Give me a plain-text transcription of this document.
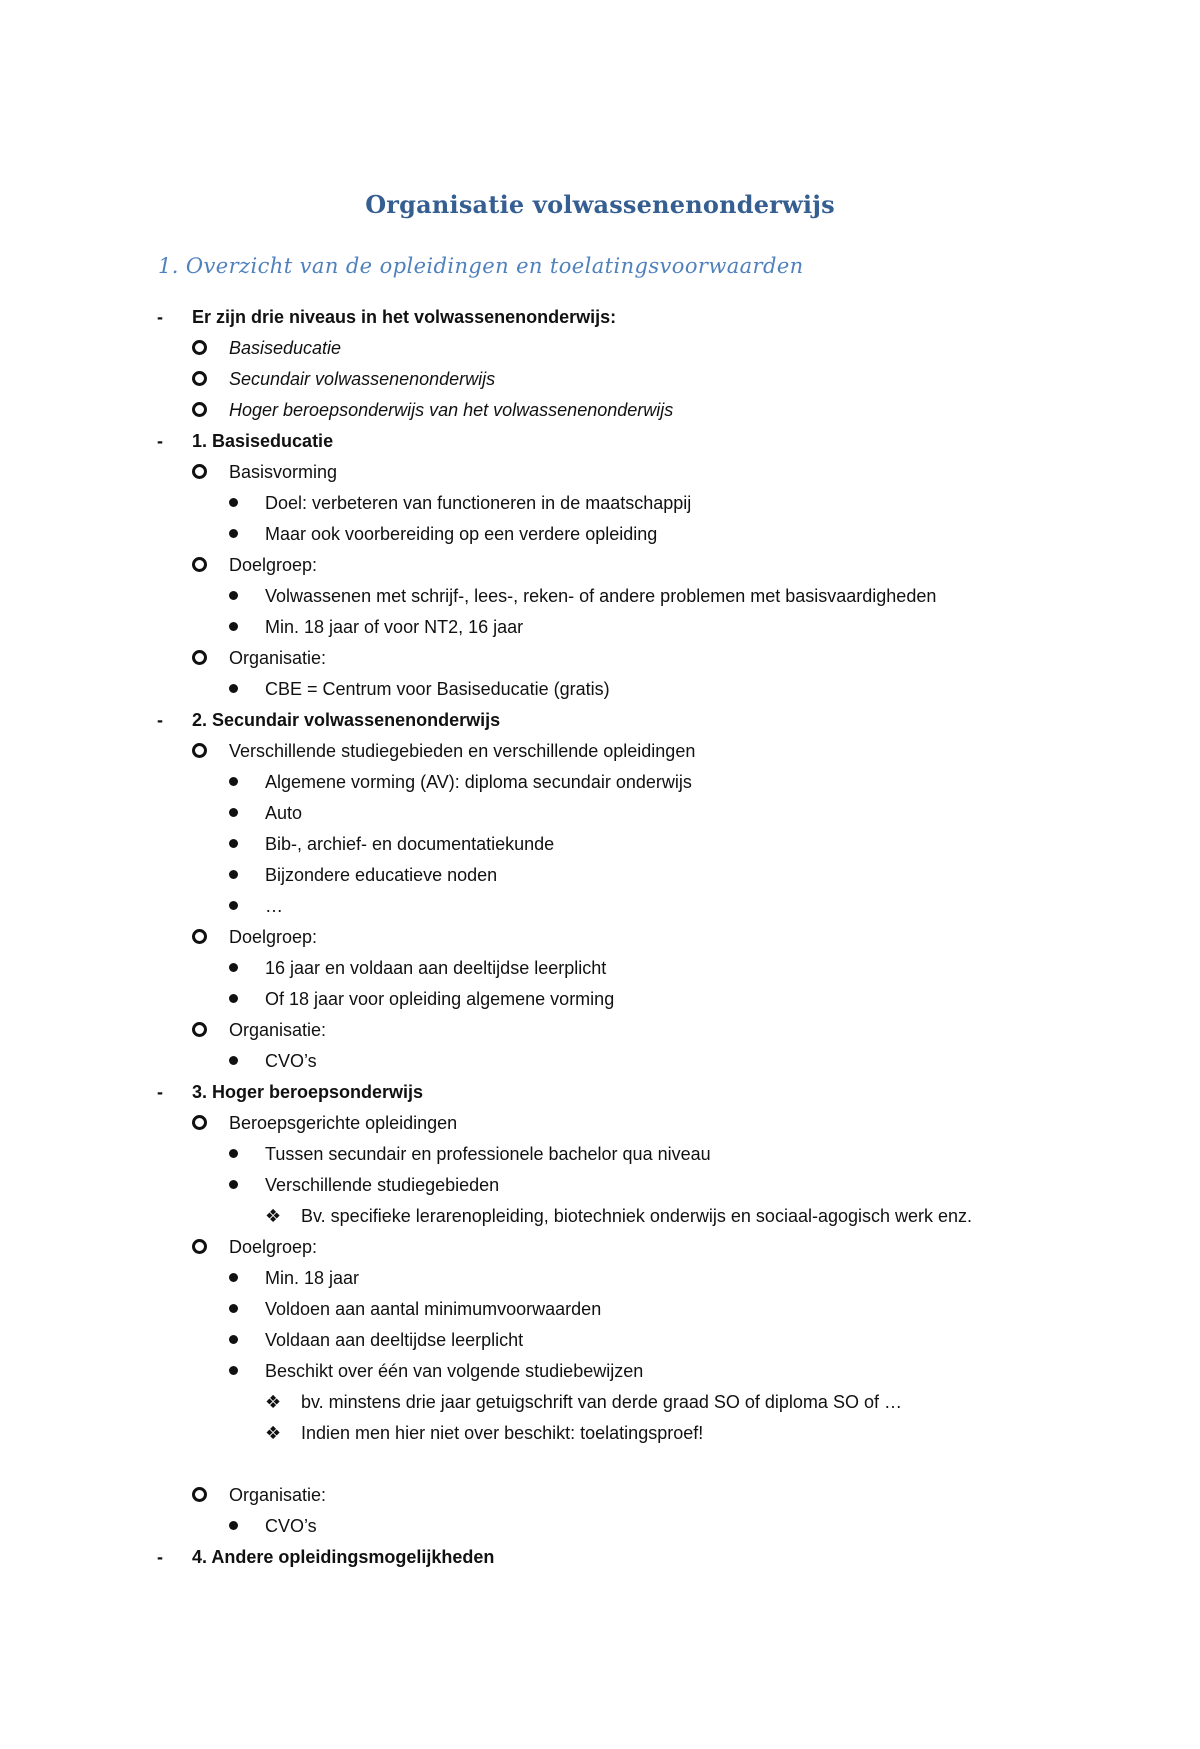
Organisatie volwassenenonderwijs
1. Overzicht van de opleidingen en toelatingsvoorwaarden
- Er zijn drie niveaus in het volwassenenonderwijs:
Basiseducatie
Secundair volwassenenonderwijs
Hoger beroepsonderwijs van het volwassenenonderwijs
- 1. Basiseducatie
Basisvorming
Doel: verbeteren van functioneren in de maatschappij
Maar ook voorbereiding op een verdere opleiding
Doelgroep:
Volwassenen met schrijf-, lees-, reken- of andere problemen met basisvaardigheden
Min. 18 jaar of voor NT2, 16 jaar
Organisatie:
CBE = Centrum voor Basiseducatie (gratis)
- 2. Secundair volwassenenonderwijs
Verschillende studiegebieden en verschillende opleidingen
Algemene vorming (AV): diploma secundair onderwijs
Auto
Bib-, archief- en documentatiekunde
Bijzondere educatieve noden
…
Doelgroep:
16 jaar en voldaan aan deeltijdse leerplicht
Of 18 jaar voor opleiding algemene vorming
Organisatie:
CVO’s
- 3. Hoger beroepsonderwijs
Beroepsgerichte opleidingen
Tussen secundair en professionele bachelor qua niveau
Verschillende studiegebieden
❖ Bv. specifieke lerarenopleiding, biotechniek onderwijs en sociaal-agogisch werk enz.
Doelgroep:
Min. 18 jaar
Voldoen aan aantal minimumvoorwaarden
Voldaan aan deeltijdse leerplicht
Beschikt over één van volgende studiebewijzen
❖ bv. minstens drie jaar getuigschrift van derde graad SO of diploma SO of …
❖ Indien men hier niet over beschikt: toelatingsproef!
Organisatie:
CVO’s
- 4. Andere opleidingsmogelijkheden
